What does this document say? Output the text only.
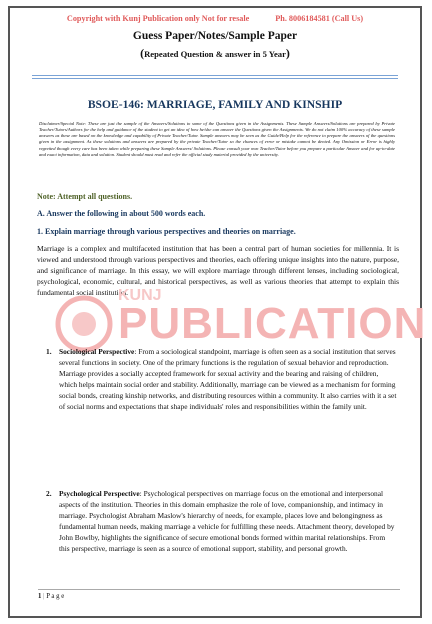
Copyright with Kunj Publication only Not for resale	Ph. 8006184581 (Call Us)
Guess Paper/Notes/Sample Paper
(Repeated Question & answer in 5 Year)
BSOE-146: MARRIAGE, FAMILY AND KINSHIP
Disclaimer/Special Note: These are just the sample of the Answers/Solutions to some of the Questions given in the Assignments. These Sample Answers/Solutions are prepared by Private Teacher/Tutors/Authors for the help and guidance of the student to get an idea of how he/she can answer the Questions given the Assignments. We do not claim 100% accuracy of these sample answers as these are based on the knowledge and capability of Private Teacher/Tutor. Sample answers may be seen as the Guide/Help for the reference to prepare the answers of the questions given in the assignment. As these solutions and answers are prepared by the private Teacher/Tutor so the chances of error or mistake cannot be denied. Any Omission or Error is highly regretted though every care has been taken while preparing these Sample Answers/ Solutions. Please consult your own Teacher/Tutor before you prepare a particular Answer and for up-to-date and exact information, data and solution. Student should must read and refer the official study material provided by the university.
Note: Attempt all questions.
A. Answer the following in about 500 words each.
1. Explain marriage through various perspectives and theories on marriage.
Marriage is a complex and multifaceted institution that has been a central part of human societies for millennia. It is viewed and understood through various perspectives and theories, each offering unique insights into the nature, purpose, and significance of marriage. In this essay, we will explore marriage through different lenses, including sociological, psychological, economic, cultural, and historical perspectives, as well as various theories that attempt to explain this fundamental social institution.
PUBLICATION
KUNJ
1. Sociological Perspective: From a sociological standpoint, marriage is often seen as a social institution that serves several functions in society. One of the primary functions is the regulation of sexual behavior and reproduction. Marriage provides a socially accepted framework for sexual activity and the bearing and raising of children, which helps maintain social order and stability. Additionally, marriage can be viewed as a mechanism for forming social bonds, creating kinship networks, and distributing resources within a community. It also carries with it a set of social norms and expectations that shape individuals' roles and responsibilities within the family unit.
2. Psychological Perspective: Psychological perspectives on marriage focus on the emotional and interpersonal aspects of the institution. Theories in this domain emphasize the role of love, companionship, and intimacy in marriage. Psychologist Abraham Maslow's hierarchy of needs, for example, places love and belongingness as fundamental human needs, making marriage a vehicle for fulfilling these needs. Attachment theory, developed by John Bowlby, highlights the significance of secure emotional bonds formed within marital relationships. From this perspective, marriage is seen as a source of emotional support, stability, and personal growth.
1 | P a g e
